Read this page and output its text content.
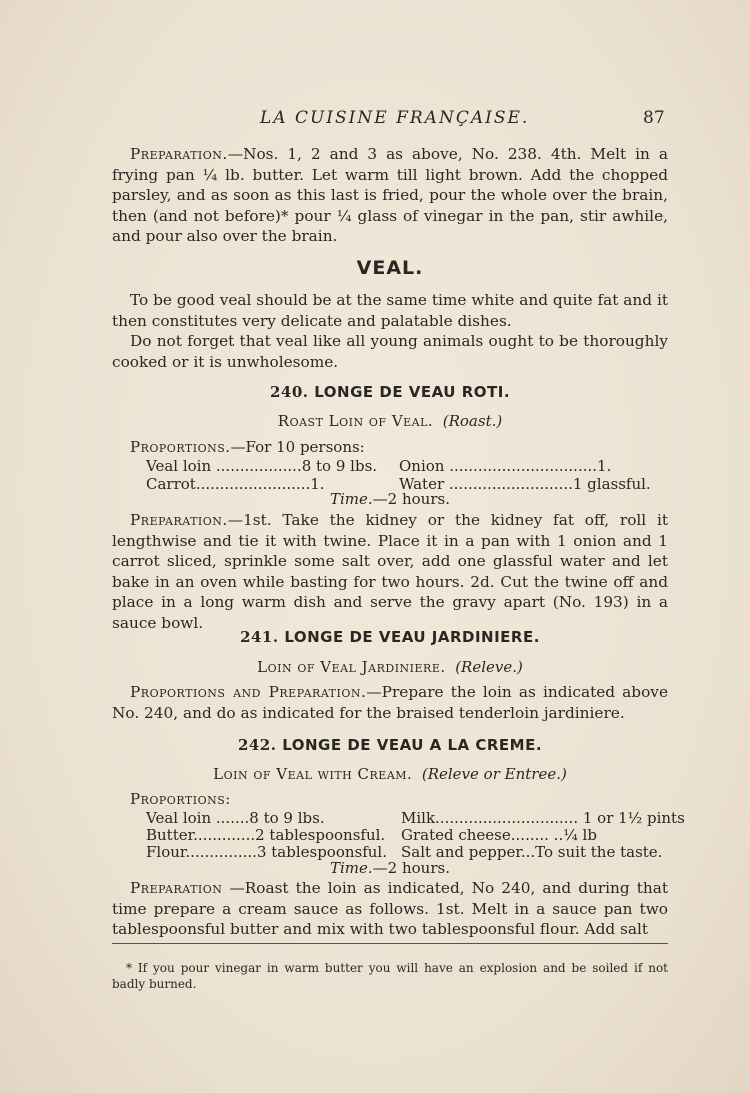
LA CUISINE FRANÇAISE.	87

Preparation.—Nos. 1, 2 and 3 as above, No. 238. 4th. Melt in a frying pan ¼ lb. butter. Let warm till light brown. Add the chopped parsley, and as soon as this last is fried, pour the whole over the brain, then (and not before)* pour ¼ glass of vinegar in the pan, stir awhile, and pour also over the brain.

VEAL.

To be good veal should be at the same time white and quite fat and it then constitutes very delicate and palatable dishes.

Do not forget that veal like all young animals ought to be thoroughly cooked or it is unwholesome.

240. LONGE DE VEAU ROTI.
Roast Loin of Veal. (Roast.)
Proportions.—For 10 persons:
Veal loin ..................8 to 9 lbs.
Carrot........................1.
Onion ...............................1.
Water ..........................1 glassful.
Time.—2 hours.

Preparation.—1st. Take the kidney or the kidney fat off, roll it lengthwise and tie it with twine. Place it in a pan with 1 onion and 1 carrot sliced, sprinkle some salt over, add one glassful water and let bake in an oven while basting for two hours. 2d. Cut the twine off and place in a long warm dish and serve the gravy apart (No. 193) in a sauce bowl.

241. LONGE DE VEAU JARDINIERE.
Loin of Veal Jardiniere. (Releve.)

Proportions and Preparation.—Prepare the loin as indicated above No. 240, and do as indicated for the braised tenderloin jardiniere.

242. LONGE DE VEAU A LA CREME.
Loin of Veal with Cream. (Releve or Entree.)
Proportions:
Veal loin .......8 to 9 lbs.
Butter.............2 tablespoonsful.
Flour...............3 tablespoonsful.
Milk.............................. 1 or 1½ pints
Grated cheese........ ..¼ lb
Salt and pepper...To suit the taste.
Time.—2 hours.

Preparation —Roast the loin as indicated, No 240, and during that time prepare a cream sauce as follows. 1st. Melt in a sauce pan two tablespoonsful butter and mix with two tablespoonsful flour. Add salt

* If you pour vinegar in warm butter you will have an explosion and be soiled if not badly burned.
